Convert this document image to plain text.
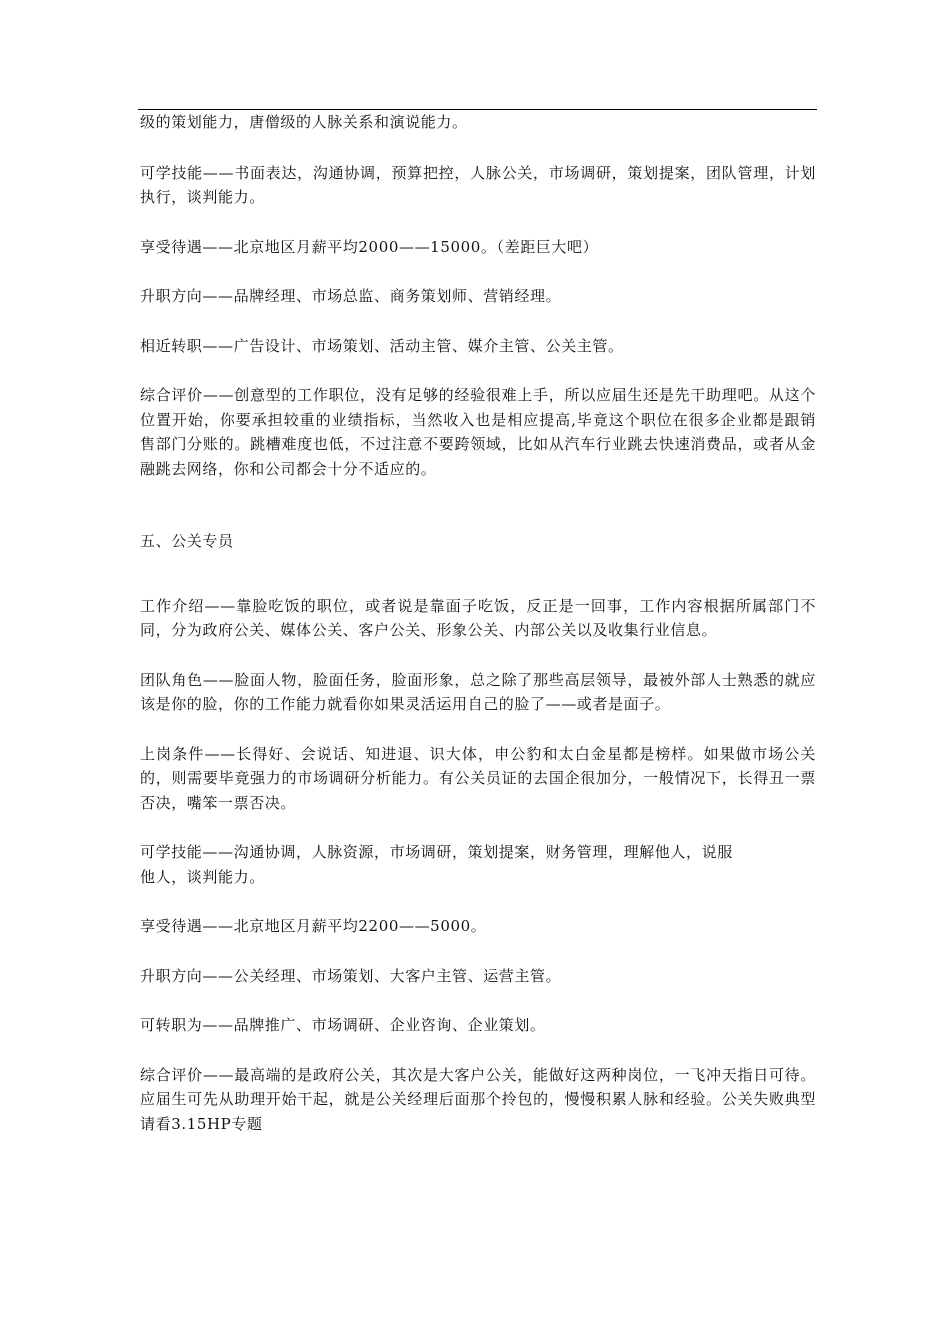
级的策划能力，唐僧级的人脉关系和演说能力。

可学技能——书面表达，沟通协调，预算把控，人脉公关，市场调研，策划提案，团队管理，计划执行，谈判能力。

享受待遇——北京地区月薪平均2000——15000。（差距巨大吧）

升职方向——品牌经理、市场总监、商务策划师、营销经理。

相近转职——广告设计、市场策划、活动主管、媒介主管、公关主管。

综合评价——创意型的工作职位，没有足够的经验很难上手，所以应届生还是先干助理吧。从这个位置开始，你要承担较重的业绩指标，当然收入也是相应提高,毕竟这个职位在很多企业都是跟销售部门分账的。跳槽难度也低，不过注意不要跨领域，比如从汽车行业跳去快速消费品，或者从金融跳去网络，你和公司都会十分不适应的。

五、公关专员

工作介绍——靠脸吃饭的职位，或者说是靠面子吃饭，反正是一回事，工作内容根据所属部门不同，分为政府公关、媒体公关、客户公关、形象公关、内部公关以及收集行业信息。

团队角色——脸面人物，脸面任务，脸面形象，总之除了那些高层领导，最被外部人士熟悉的就应该是你的脸，你的工作能力就看你如果灵活运用自己的脸了——或者是面子。

上岗条件——长得好、会说话、知进退、识大体，申公豹和太白金星都是榜样。如果做市场公关的，则需要毕竟强力的市场调研分析能力。有公关员证的去国企很加分，一般情况下，长得丑一票否决，嘴笨一票否决。

可学技能——沟通协调，人脉资源，市场调研，策划提案，财务管理，理解他人，说服
他人，谈判能力。

享受待遇——北京地区月薪平均2200——5000。

升职方向——公关经理、市场策划、大客户主管、运营主管。

可转职为——品牌推广、市场调研、企业咨询、企业策划。

综合评价——最高端的是政府公关，其次是大客户公关，能做好这两种岗位，一飞冲天指日可待。应届生可先从助理开始干起，就是公关经理后面那个拎包的，慢慢积累人脉和经验。公关失败典型请看3.15HP专题
